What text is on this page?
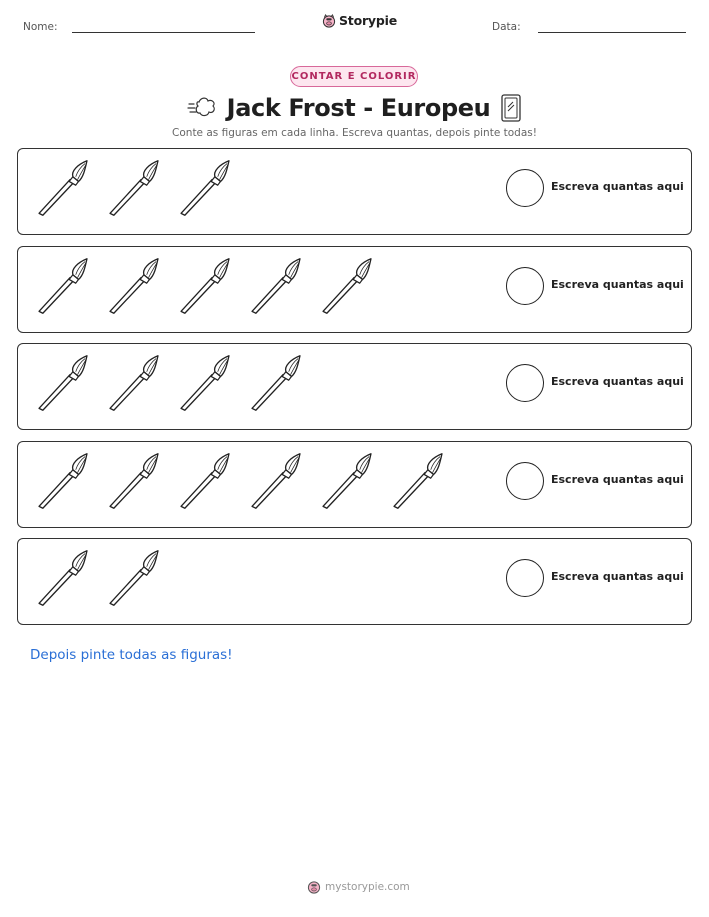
Nome:	Storypie	Data:
CONTAR E COLORIR
Jack Frost - Europeu
Conte as figuras em cada linha. Escreva quantas, depois pinte todas!
Escreva quantas aqui
Escreva quantas aqui
Escreva quantas aqui
Escreva quantas aqui
Escreva quantas aqui
Depois pinte todas as figuras!
mystorypie.com
